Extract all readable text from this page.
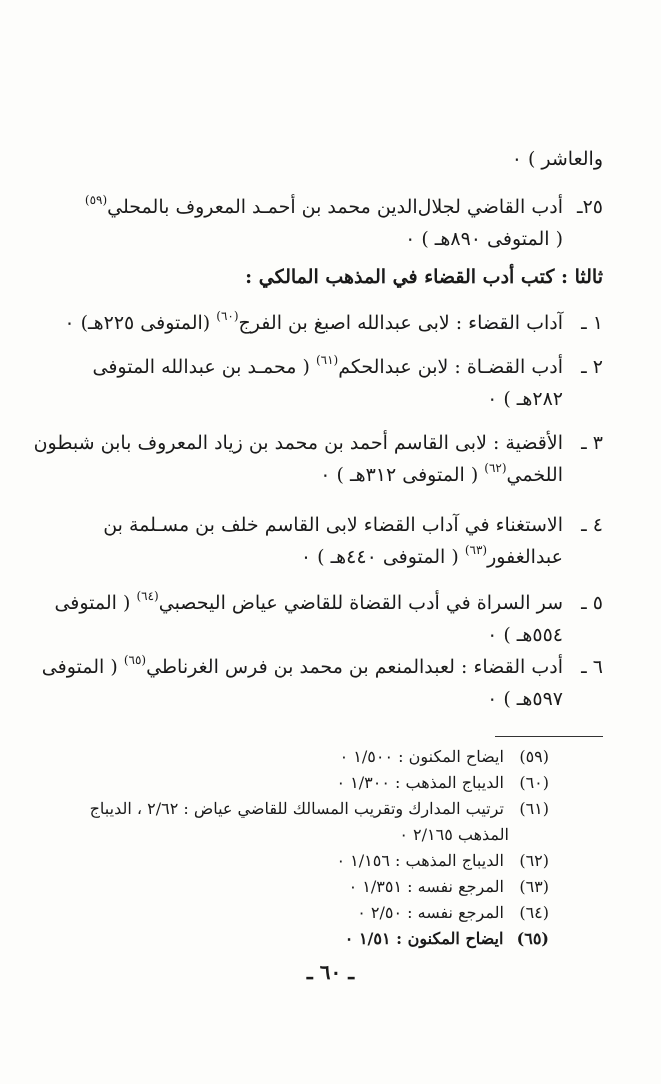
والعاشر ) ٠
٢٥ـ
أدب القاضي لجلال‌الدين محمد بن أحمـد المعروف بالمحلي$^{(٥٩)}$
( المتوفى ٨٩٠هـ ) ٠
ثالثا : كتب أدب القضاء في المذهب المالكي :
١ ـ
آداب القضاء : لابى عبدالله اصبغ بن الفرج$^{(٦٠)}$ (المتوفى ٢٢٥هـ) ٠
٢ ـ
أدب القضـاة : لابن عبدالحكم$^{(٦١)}$ ( محمـد بن عبدالله المتوفى
٢٨٢هـ ) ٠
٣ ـ
الأقضية : لابى القاسم أحمد بن محمد بن زياد المعروف بابن شبطون
اللخمي$^{(٦٢)}$ ( المتوفى ٣١٢هـ ) ٠
٤ ـ
الاستغناء في آداب القضاء لابى القاسم خلف بن مسـلمة بن
عبدالغفور$^{(٦٣)}$ ( المتوفى ٤٤٠هـ ) ٠
٥ ـ
سر السراة في أدب القضاة للقاضي عياض اليحصبي$^{(٦٤)}$ ( المتوفى
٥٥٤هـ ) ٠
٦ ـ
أدب القضاء : لعبدالمنعم بن محمد بن فرس الغرناطي$^{(٦٥)}$ ( المتوفى
٥٩٧هـ ) ٠
(٥٩) ايضاح المكنون : ١/٥٠٠ ٠
(٦٠) الديباج المذهب : ١/٣٠٠ ٠
(٦١) ترتيب المدارك وتقريب المسالك للقاضي عياض : ٢/٦٢ ، الديباج
المذهب ٢/١٦٥ ٠
(٦٢) الديباج المذهب : ١/١٥٦ ٠
(٦٣) المرجع نفسه : ١/٣٥١ ٠
(٦٤) المرجع نفسه : ٢/٥٠ ٠
(٦٥) ايضاح المكنون : ١/٥١ ٠
ـ ٦٠ ـ
